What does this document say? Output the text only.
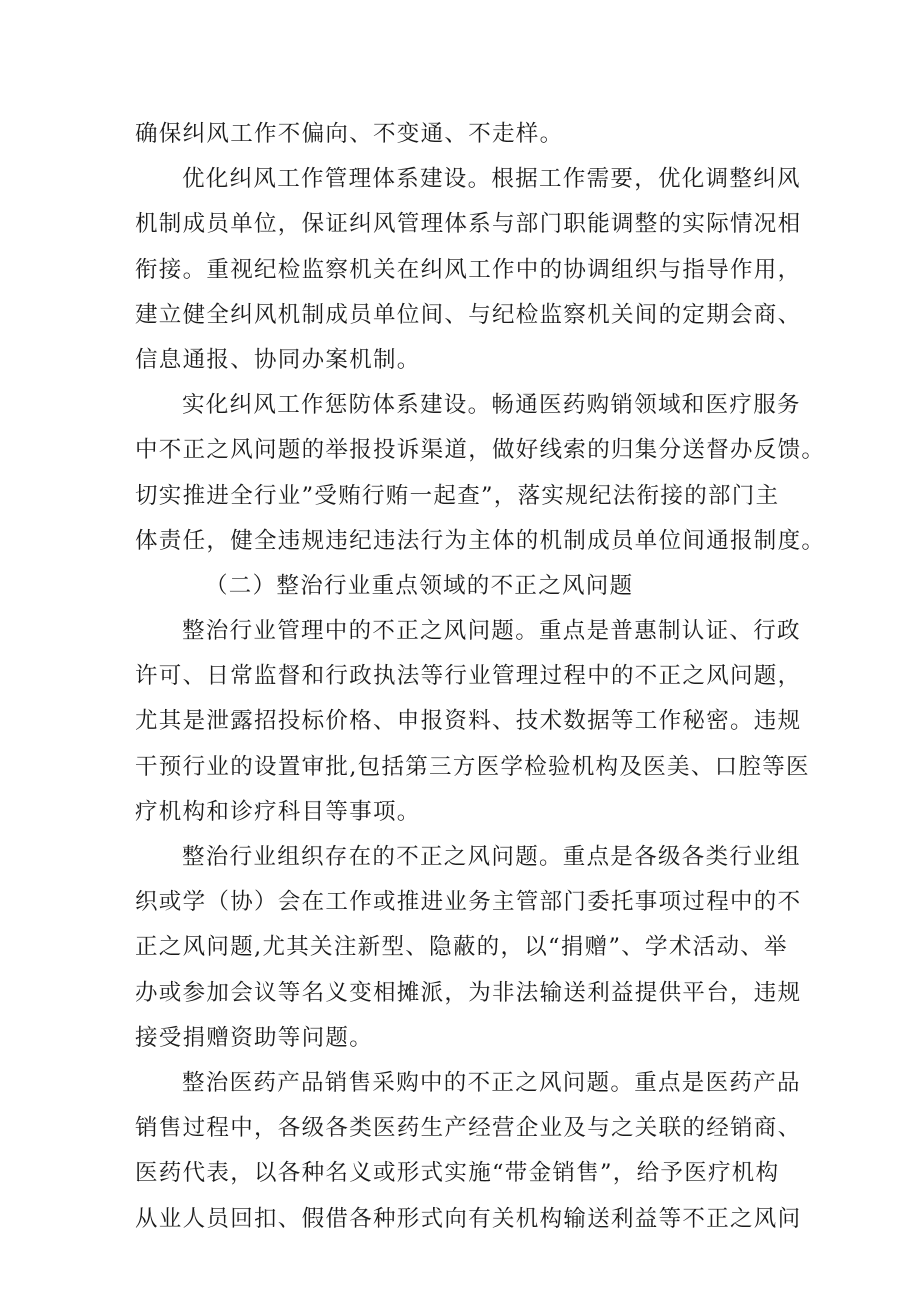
确保纠风工作不偏向、不变通、不走样。
优化纠风工作管理体系建设。根据工作需要，优化调整纠风
机制成员单位，保证纠风管理体系与部门职能调整的实际情况相
衔接。重视纪检监察机关在纠风工作中的协调组织与指导作用，
建立健全纠风机制成员单位间、与纪检监察机关间的定期会商、
信息通报、协同办案机制。
实化纠风工作惩防体系建设。畅通医药购销领域和医疗服务
中不正之风问题的举报投诉渠道，做好线索的归集分送督办反馈。
切实推进全行业”受贿行贿一起查”，落实规纪法衔接的部门主
体责任，健全违规违纪违法行为主体的机制成员单位间通报制度。
（二）整治行业重点领域的不正之风问题
整治行业管理中的不正之风问题。重点是普惠制认证、行政
许可、日常监督和行政执法等行业管理过程中的不正之风问题，
尤其是泄露招投标价格、申报资料、技术数据等工作秘密。违规
干预行业的设置审批,包括第三方医学检验机构及医美、口腔等医
疗机构和诊疗科目等事项。
整治行业组织存在的不正之风问题。重点是各级各类行业组
织或学（协）会在工作或推进业务主管部门委托事项过程中的不
正之风问题,尤其关注新型、隐蔽的，以“捐赠”、学术活动、举
办或参加会议等名义变相摊派，为非法输送利益提供平台，违规
接受捐赠资助等问题。
整治医药产品销售采购中的不正之风问题。重点是医药产品
销售过程中，各级各类医药生产经营企业及与之关联的经销商、
医药代表，以各种名义或形式实施“带金销售”，给予医疗机构
从业人员回扣、假借各种形式向有关机构输送利益等不正之风问
